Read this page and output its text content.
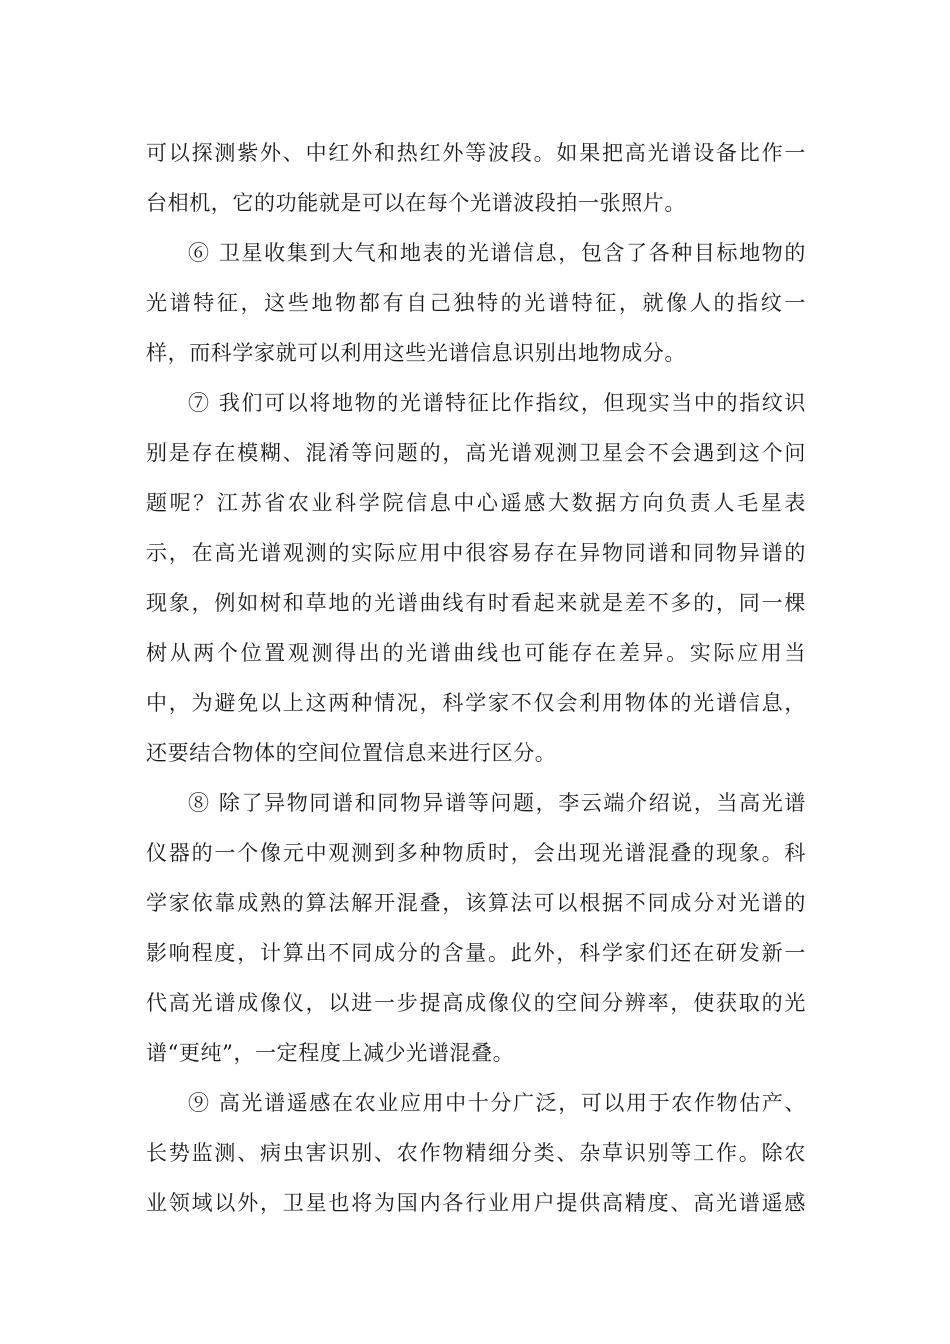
可以探测紫外、中红外和热红外等波段。如果把高光谱设备比作一
台相机，它的功能就是可以在每个光谱波段拍一张照片。
⑥ 卫星收集到大气和地表的光谱信息，包含了各种目标地物的
光谱特征，这些地物都有自己独特的光谱特征，就像人的指纹一
样，而科学家就可以利用这些光谱信息识别出地物成分。
⑦ 我们可以将地物的光谱特征比作指纹，但现实当中的指纹识
别是存在模糊、混淆等问题的，高光谱观测卫星会不会遇到这个问
题呢？江苏省农业科学院信息中心遥感大数据方向负责人毛星表
示，在高光谱观测的实际应用中很容易存在异物同谱和同物异谱的
现象，例如树和草地的光谱曲线有时看起来就是差不多的，同一棵
树从两个位置观测得出的光谱曲线也可能存在差异。实际应用当
中，为避免以上这两种情况，科学家不仅会利用物体的光谱信息，
还要结合物体的空间位置信息来进行区分。
⑧ 除了异物同谱和同物异谱等问题，李云端介绍说，当高光谱
仪器的一个像元中观测到多种物质时，会出现光谱混叠的现象。科
学家依靠成熟的算法解开混叠，该算法可以根据不同成分对光谱的
影响程度，计算出不同成分的含量。此外，科学家们还在研发新一
代高光谱成像仪，以进一步提高成像仪的空间分辨率，使获取的光
谱“更纯”，一定程度上减少光谱混叠。
⑨ 高光谱遥感在农业应用中十分广泛，可以用于农作物估产、
长势监测、病虫害识别、农作物精细分类、杂草识别等工作。除农
业领域以外，卫星也将为国内各行业用户提供高精度、高光谱遥感
